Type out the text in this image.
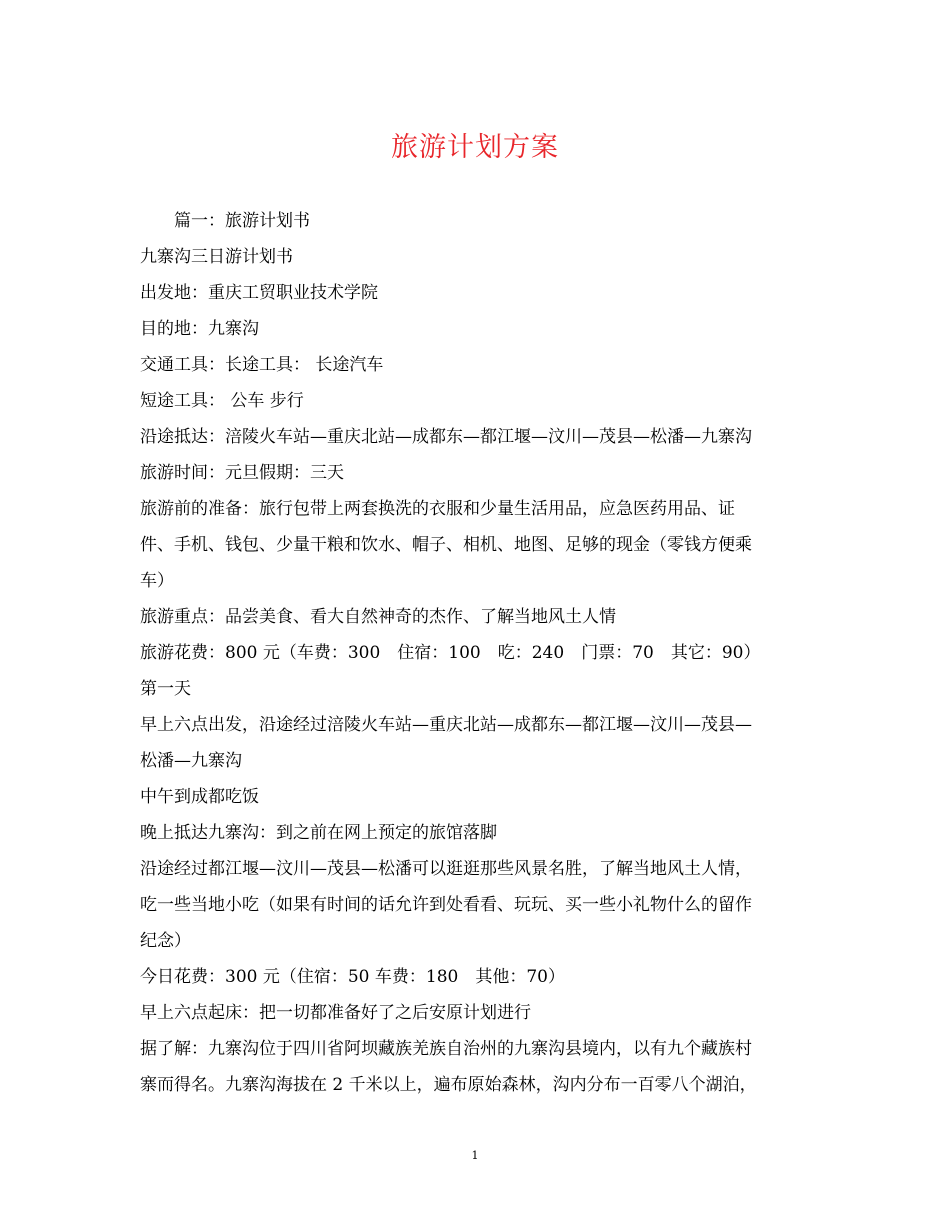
旅游计划方案
篇一：旅游计划书
九寨沟三日游计划书
出发地：重庆工贸职业技术学院
目的地：九寨沟
交通工具：长途工具： 长途汽车
短途工具： 公车 步行
沿途抵达：涪陵火车站—重庆北站—成都东—都江堰—汶川—茂县—松潘—九寨沟
旅游时间：元旦假期：三天
旅游前的准备：旅行包带上两套换洗的衣服和少量生活用品，应急医药用品、证
件、手机、钱包、少量干粮和饮水、帽子、相机、地图、足够的现金（零钱方便乘
车）
旅游重点：品尝美食、看大自然神奇的杰作、了解当地风土人情
旅游花费：800 元（车费：300　住宿：100　吃：240　门票：70　其它：90）
第一天
早上六点出发，沿途经过涪陵火车站—重庆北站—成都东—都江堰—汶川—茂县—
松潘—九寨沟
中午到成都吃饭
晚上抵达九寨沟：到之前在网上预定的旅馆落脚
沿途经过都江堰—汶川—茂县—松潘可以逛逛那些风景名胜，了解当地风土人情，
吃一些当地小吃（如果有时间的话允许到处看看、玩玩、买一些小礼物什么的留作
纪念）
今日花费：300 元（住宿：50 车费：180　其他：70）
早上六点起床：把一切都准备好了之后安原计划进行
据了解：九寨沟位于四川省阿坝藏族羌族自治州的九寨沟县境内，以有九个藏族村
寨而得名。九寨沟海拔在 2 千米以上，遍布原始森林，沟内分布一百零八个湖泊，
1
